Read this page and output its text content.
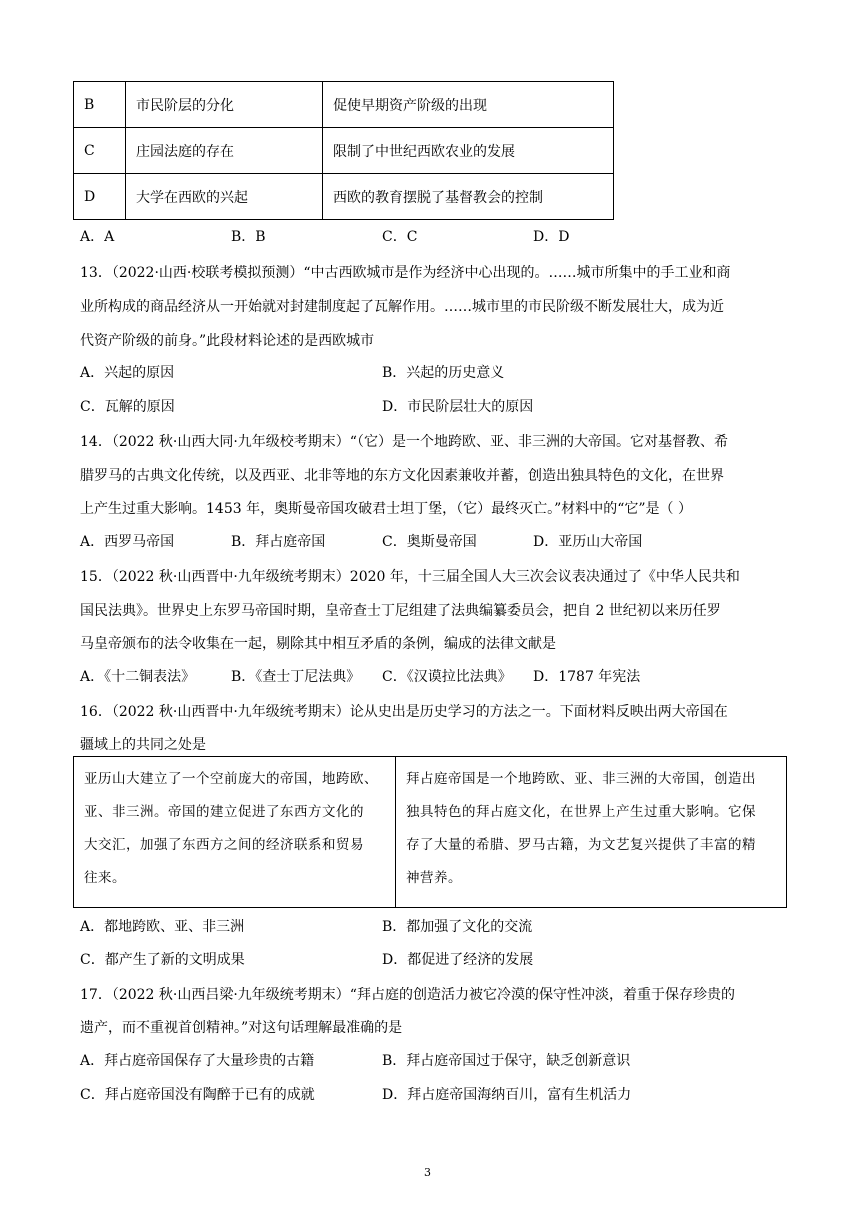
B	市民阶层的分化	促使早期资产阶级的出现
C	庄园法庭的存在	限制了中世纪西欧农业的发展
D	大学在西欧的兴起	西欧的教育摆脱了基督教会的控制
A．A	B．B	C．C	D．D
13．（2022·山西·校联考模拟预测）“中古西欧城市是作为经济中心出现的。……城市所集中的手工业和商
业所构成的商品经济从一开始就对封建制度起了瓦解作用。……城市里的市民阶级不断发展壮大，成为近
代资产阶级的前身。”此段材料论述的是西欧城市
A．兴起的原因	B．兴起的历史意义
C．瓦解的原因	D．市民阶层壮大的原因
14．（2022 秋·山西大同·九年级校考期末）“（它）是一个地跨欧、亚、非三洲的大帝国。它对基督教、希
腊罗马的古典文化传统，以及西亚、北非等地的东方文化因素兼收并蓄，创造出独具特色的文化，在世界
上产生过重大影响。1453 年，奥斯曼帝国攻破君士坦丁堡，（它）最终灭亡。”材料中的“它”是（ ）
A．西罗马帝国	B．拜占庭帝国	C．奥斯曼帝国	D．亚历山大帝国
15．（2022 秋·山西晋中·九年级统考期末）2020 年，十三届全国人大三次会议表决通过了《中华人民共和
国民法典》。世界史上东罗马帝国时期，皇帝查士丁尼组建了法典编纂委员会，把自 2 世纪初以来历任罗
马皇帝颁布的法令收集在一起，剔除其中相互矛盾的条例，编成的法律文献是
A．《十二铜表法》	B．《查士丁尼法典》 C．《汉谟拉比法典》 D．1787 年宪法
16．（2022 秋·山西晋中·九年级统考期末）论从史出是历史学习的方法之一。下面材料反映出两大帝国在
疆域上的共同之处是
亚历山大建立了一个空前庞大的帝国，地跨欧、
亚、非三洲。帝国的建立促进了东西方文化的
大交汇，加强了东西方之间的经济联系和贸易
往来。
拜占庭帝国是一个地跨欧、亚、非三洲的大帝国，创造出
独具特色的拜占庭文化，在世界上产生过重大影响。它保
存了大量的希腊、罗马古籍，为文艺复兴提供了丰富的精
神营养。
A．都地跨欧、亚、非三洲	B．都加强了文化的交流
C．都产生了新的文明成果	D．都促进了经济的发展
17．（2022 秋·山西吕梁·九年级统考期末）“拜占庭的创造活力被它冷漠的保守性冲淡，着重于保存珍贵的
遗产，而不重视首创精神。”对这句话理解最准确的是
A．拜占庭帝国保存了大量珍贵的古籍	B．拜占庭帝国过于保守，缺乏创新意识
C．拜占庭帝国没有陶醉于已有的成就	D．拜占庭帝国海纳百川，富有生机活力
3
